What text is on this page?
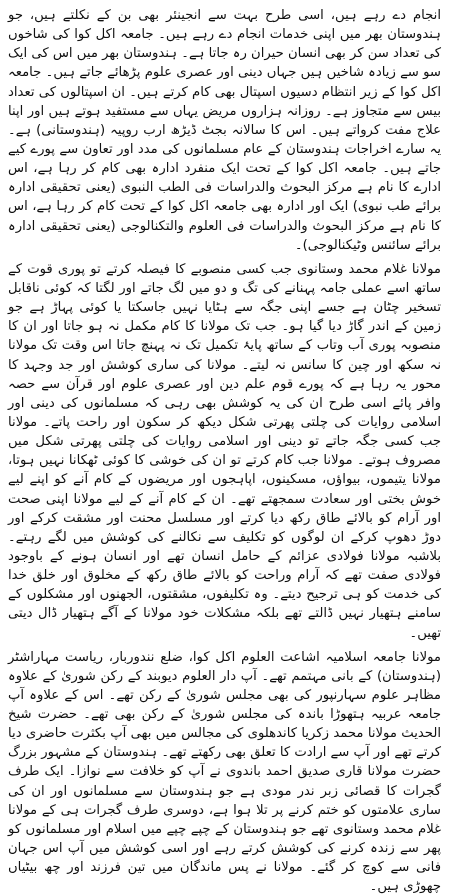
انجام دے رہے ہیں، اسی طرح بہت سے انجینئر بھی بن کے نکلتے ہیں، جو ہندوستان بھر میں اپنی خدمات انجام دے رہے ہیں۔ جامعہ اکل کوا کی شاخوں کی تعداد سن کر بھی انسان حیران رہ جاتا ہے۔ ہندوستان بھر میں اس کی ایک سو سے زیادہ شاخیں ہیں جہاں دینی اور عصری علوم پڑھائے جاتے ہیں۔ جامعہ اکل کوا کے زیر انتظام دسیوں اسپتال بھی کام کرتے ہیں۔ ان اسپتالوں کی تعداد بیس سے متجاوز ہے۔ روزانہ ہزاروں مریض یہاں سے مستفید ہوتے ہیں اور اپنا علاج مفت کرواتے ہیں۔ اس کا سالانہ بجٹ ڈیڑھ ارب روپیہ (ہندوستانی) ہے۔ یہ سارے اخراجات ہندوستان کے عام مسلمانوں کی مدد اور تعاون سے پورے کیے جاتے ہیں۔ جامعہ اکل کوا کے تحت ایک منفرد ادارہ بھی کام کر رہا ہے، اس ادارے کا نام ہے مرکز البحوث والدراسات فی الطب النبوی (یعنی تحقیقی ادارہ برائے طب نبوی) ایک اور ادارہ بھی جامعہ اکل کوا کے تحت کام کر رہا ہے، اس کا نام ہے مرکز البحوث والدراسات فی العلوم والتکنالوجی (یعنی تحقیقی ادارہ برائے سائنس وٹیکنالوجی)۔

مولانا غلام محمد وستانوی جب کسی منصوبے کا فیصلہ کرتے تو پوری قوت کے ساتھ اسے عملی جامہ پہنانے کی تگ و دو میں لگ جاتے اور لگتا کہ کوئی ناقابل تسخیر چٹان ہے جسے اپنی جگہ سے ہٹایا نہیں جاسکتا یا کوئی پہاڑ ہے جو زمین کے اندر گاڑ دیا گیا ہو۔ جب تک مولانا کا کام مکمل نہ ہو جاتا اور ان کا منصوبہ پوری آب وتاب کے ساتھ پایۂ تکمیل تک نہ پہنچ جاتا اس وقت تک مولانا نہ سکھ اور چین کا سانس نہ لیتے۔ مولانا کی ساری کوشش اور جد وجہد کا محور یہ رہا ہے کہ پورے قوم علم دین اور عصری علوم اور قرآن سے حصہ وافر پائے اسی طرح ان کی یہ کوشش بھی رہی کہ مسلمانوں کی دینی اور اسلامی روایات کی چلتی پھرتی شکل دیکھ کر سکون اور راحت پاتے۔ مولانا جب کسی جگہ جاتے تو دینی اور اسلامی روایات کی چلتی پھرتی شکل میں مصروف ہوتے۔ مولانا جب کام کرتے تو ان کی خوشی کا کوئی ٹھکانا نہیں ہوتا، مولانا یتیموں، بیواؤں، مسکینوں، اپاہجوں اور مریضوں کے کام آنے کو اپنے لیے خوش بختی اور سعادت سمجھتے تھے۔ ان کے کام آنے کے لیے مولانا اپنی صحت اور آرام کو بالائے طاق رکھ دیا کرتے اور مسلسل محنت اور مشقت کرکے اور دوڑ دھوپ کرکے ان لوگوں کو تکلیف سے نکالنے کی کوشش میں لگے رہتے۔ بلاشبہ مولانا فولادی عزائم کے حامل انسان تھے اور انسان ہونے کے باوجود فولادی صفت تھے کہ آرام وراحت کو بالائے طاق رکھ کے مخلوق اور خلق خدا کی خدمت کو ہی ترجیح دیتے۔ وہ تکلیفوں، مشقتوں، الجھنوں اور مشکلوں کے سامنے ہتھیار نہیں ڈالتے تھے بلکہ مشکلات خود مولانا کے آگے ہتھیار ڈال دیتی تھیں۔

مولانا جامعہ اسلامیہ اشاعت العلوم اکل کوا، ضلع نندوربار، ریاست مہاراشٹر (ہندوستان) کے بانی مہتمم تھے۔ آپ دار العلوم دیوبند کے رکن شوریٰ کے علاوہ مظاہر علوم سہارنپور کی بھی مجلس شوریٰ کے رکن تھے۔ اس کے علاوہ آپ جامعہ عربیہ ہتھوڑا باندہ کی مجلس شوریٰ کے رکن بھی تھے۔ حضرت شیخ الحدیث مولانا محمد زکریا کاندھلوی کی مجالس میں بھی آپ بکثرت حاضری دیا کرتے تھے اور آپ سے ارادت کا تعلق بھی رکھتے تھے۔ ہندوستان کے مشہور بزرگ حضرت مولانا قاری صدیق احمد باندوی نے آپ کو خلافت سے نوازا۔ ایک طرف گجرات کا قصائی زبر ندر مودی ہے جو ہندوستان سے مسلمانوں اور ان کی ساری علامتوں کو ختم کرنے پر تلا ہوا ہے، دوسری طرف گجرات ہی کے مولانا غلام محمد وستانوی تھے جو ہندوستان کے چپے چپے میں اسلام اور مسلمانوں کو پھر سے زندہ کرنے کی کوشش کرتے رہے اور اسی کوشش میں آپ اس جہان فانی سے کوچ کر گئے۔ مولانا نے پس ماندگان میں تین فرزند اور چھ بیٹیاں چھوڑی ہیں۔
